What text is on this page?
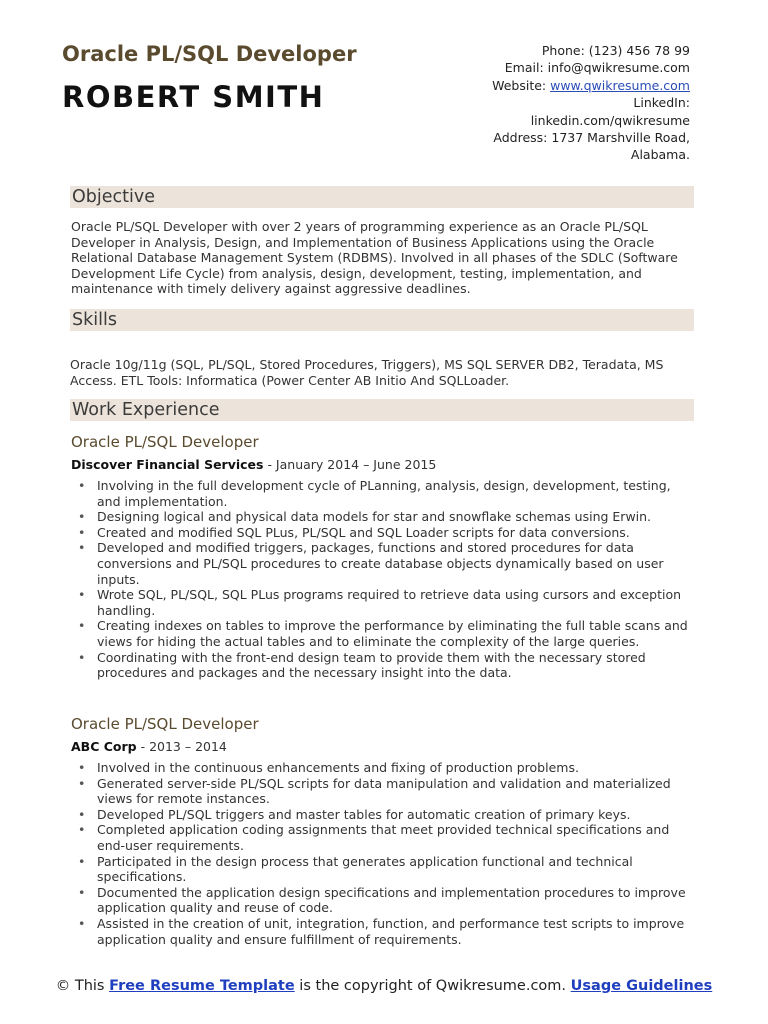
Oracle PL/SQL Developer
ROBERT SMITH
Phone: (123) 456 78 99
Email: info@qwikresume.com
Website: www.qwikresume.com
LinkedIn:
linkedin.com/qwikresume
Address: 1737 Marshville Road,
Alabama.
Objective
Oracle PL/SQL Developer with over 2 years of programming experience as an Oracle PL/SQL Developer in Analysis, Design, and Implementation of Business Applications using the Oracle Relational Database Management System (RDBMS). Involved in all phases of the SDLC (Software Development Life Cycle) from analysis, design, development, testing, implementation, and maintenance with timely delivery against aggressive deadlines.
Skills
Oracle 10g/11g (SQL, PL/SQL, Stored Procedures, Triggers), MS SQL SERVER DB2, Teradata, MS Access. ETL Tools: Informatica (Power Center AB Initio And SQLLoader.
Work Experience
Oracle PL/SQL Developer
Discover Financial Services - January 2014 – June 2015
• Involving in the full development cycle of PLanning, analysis, design, development, testing, and implementation.
• Designing logical and physical data models for star and snowflake schemas using Erwin.
• Created and modified SQL PLus, PL/SQL and SQL Loader scripts for data conversions.
• Developed and modified triggers, packages, functions and stored procedures for data conversions and PL/SQL procedures to create database objects dynamically based on user inputs.
• Wrote SQL, PL/SQL, SQL PLus programs required to retrieve data using cursors and exception handling.
• Creating indexes on tables to improve the performance by eliminating the full table scans and views for hiding the actual tables and to eliminate the complexity of the large queries.
• Coordinating with the front-end design team to provide them with the necessary stored procedures and packages and the necessary insight into the data.
Oracle PL/SQL Developer
ABC Corp - 2013 – 2014
• Involved in the continuous enhancements and fixing of production problems.
• Generated server-side PL/SQL scripts for data manipulation and validation and materialized views for remote instances.
• Developed PL/SQL triggers and master tables for automatic creation of primary keys.
• Completed application coding assignments that meet provided technical specifications and end-user requirements.
• Participated in the design process that generates application functional and technical specifications.
• Documented the application design specifications and implementation procedures to improve application quality and reuse of code.
• Assisted in the creation of unit, integration, function, and performance test scripts to improve application quality and ensure fulfillment of requirements.
© This Free Resume Template is the copyright of Qwikresume.com. Usage Guidelines
